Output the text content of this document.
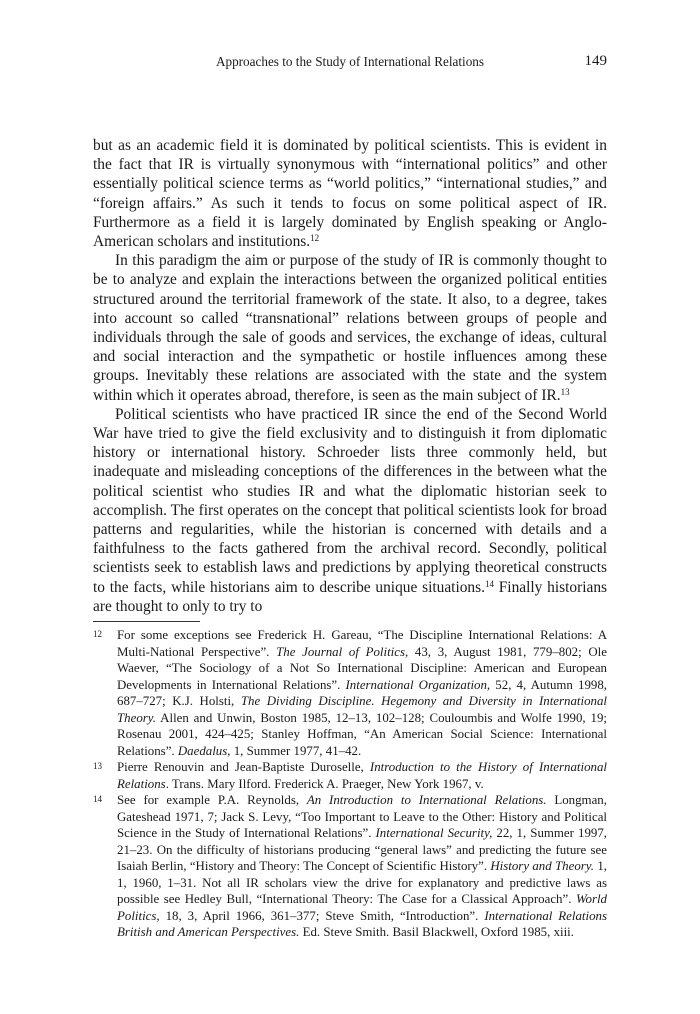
Approaches to the Study of International Relations	149

but as an academic field it is dominated by political scientists. This is evident in the fact that IR is virtually synonymous with “international politics” and other essentially political science terms as “world politics,” “international studies,” and “foreign affairs.” As such it tends to focus on some political aspect of IR. Furthermore as a field it is largely dominated by English speaking or Anglo-American scholars and institutions.$^{12}$

In this paradigm the aim or purpose of the study of IR is commonly thought to be to analyze and explain the interactions between the organized political entities structured around the territorial framework of the state. It also, to a degree, takes into account so called “transnational” relations between groups of people and individuals through the sale of goods and services, the exchange of ideas, cultural and social interaction and the sympathetic or hostile influences among these groups. Inevitably these relations are associated with the state and the system within which it operates abroad, therefore, is seen as the main subject of IR.$^{13}$

Political scientists who have practiced IR since the end of the Second World War have tried to give the field exclusivity and to distinguish it from diplomatic history or international history. Schroeder lists three commonly held, but inadequate and misleading conceptions of the differences in the between what the political scientist who studies IR and what the diplomatic historian seek to accomplish. The first operates on the concept that political scientists look for broad patterns and regularities, while the historian is concerned with details and a faithfulness to the facts gathered from the archival record. Secondly, political scientists seek to establish laws and predictions by applying theoretical constructs to the facts, while historians aim to describe unique situations.$^{14}$ Finally historians are thought to only to try to

12 For some exceptions see Frederick H. Gareau, “The Discipline International Relations: A Multi-National Perspective”. The Journal of Politics, 43, 3, August 1981, 779–802; Ole Waever, “The Sociology of a Not So International Discipline: American and European Developments in International Relations”. International Organization, 52, 4, Autumn 1998, 687–727; K.J. Holsti, The Dividing Discipline. Hegemony and Diversity in International Theory. Allen and Unwin, Boston 1985, 12–13, 102–128; Couloumbis and Wolfe 1990, 19; Rosenau 2001, 424–425; Stanley Hoffman, “An American Social Science: International Relations”. Daedalus, 1, Summer 1977, 41–42.
13 Pierre Renouvin and Jean-Baptiste Duroselle, Introduction to the History of International Relations. Trans. Mary Ilford. Frederick A. Praeger, New York 1967, v.
14 See for example P.A. Reynolds, An Introduction to International Relations. Longman, Gateshead 1971, 7; Jack S. Levy, “Too Important to Leave to the Other: History and Political Science in the Study of International Relations”. International Security, 22, 1, Summer 1997, 21–23. On the difficulty of historians producing “general laws” and predicting the future see Isaiah Berlin, “History and Theory: The Concept of Scientific History”. History and Theory. 1, 1, 1960, 1–31. Not all IR scholars view the drive for explanatory and predictive laws as possible see Hedley Bull, “International Theory: The Case for a Classical Approach”. World Politics, 18, 3, April 1966, 361–377; Steve Smith, “Introduction”. International Relations British and American Perspectives. Ed. Steve Smith. Basil Blackwell, Oxford 1985, xiii.
